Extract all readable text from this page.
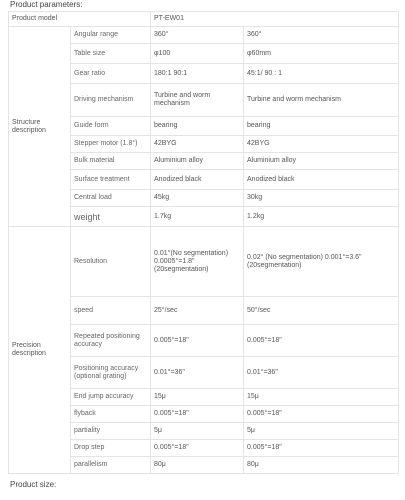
Product parameters:
Product model		PT-EW01	
Structure description	Angular range	360°	360°
	Table size	φ100	φ60mm
	Gear ratio	180:1 90:1	45:1/ 90 : 1
	Driving mechanism	Turbine and worm mechanism	Turbine and worm mechanism
	Guide form	bearing	bearing
	Stepper motor (1.8°)	42BYG	42BYG
	Bulk material	Aluminium alloy	Aluminium alloy
	Surface treatment	Anodized black	Anodized black
	Central load	45kg	30kg
	weight	1.7kg	1.2kg
Precision description	Resolution	0.01°(No segmentation) 0.0005°=1.8" (20segmentation)	0.02° (No segmentation) 0.001°=3.6" (20segmentation)
	speed	25°/sec	50°/sec
	Repeated positioning accuracy	0.005°=18"	0.005°=18"
	Positioning accuracy (optional grating)	0.01°=36"	0.01°=36"
	End jump accuracy	15μ	15μ
	flyback	0.005°=18"	0.005°=18"
	partiality	5μ	5μ
	Drop step	0.005°=18"	0.005°=18"
	parallelism	80μ	80μ
Product size:
